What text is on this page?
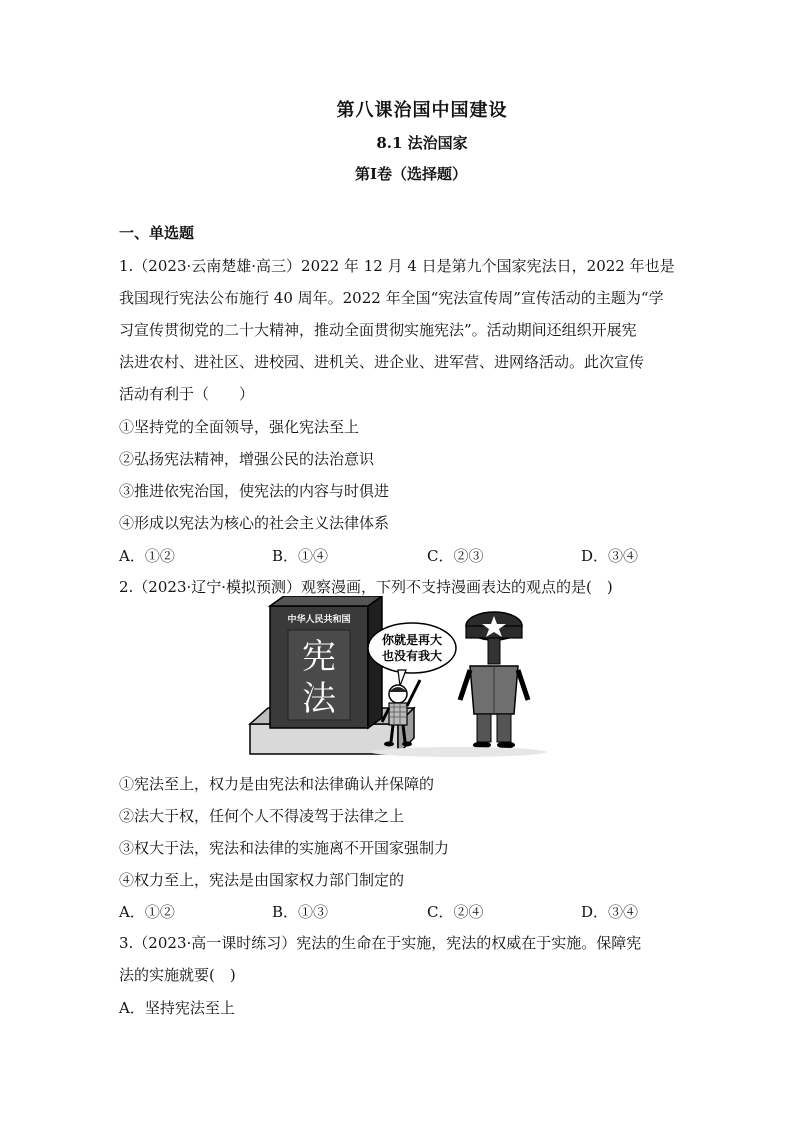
第八课治国中国建设
8.1 法治国家
第Ⅰ卷（选择题）
一、单选题
1.（2023·云南楚雄·高三）2022 年 12 月 4 日是第九个国家宪法日，2022 年也是
我国现行宪法公布施行 40 周年。2022 年全国“宪法宣传周”宣传活动的主题为“学
习宣传贯彻党的二十大精神，推动全面贯彻实施宪法”。活动期间还组织开展宪
法进农村、进社区、进校园、进机关、进企业、进军营、进网络活动。此次宣传
活动有利于（　　）
①坚持党的全面领导，强化宪法至上
②弘扬宪法精神，增强公民的法治意识
③推进依宪治国，使宪法的内容与时俱进
④形成以宪法为核心的社会主义法律体系
A．①②	B．①④	C．②③	D．③④
2.（2023·辽宁·模拟预测）观察漫画，下列不支持漫画表达的观点的是(　)
中华人民共和国
宪
法
你就是再大
也没有我大
①宪法至上，权力是由宪法和法律确认并保障的
②法大于权，任何个人不得凌驾于法律之上
③权大于法，宪法和法律的实施离不开国家强制力
④权力至上，宪法是由国家权力部门制定的
A．①②	B．①③	C．②④	D．③④
3.（2023·高一课时练习）宪法的生命在于实施，宪法的权威在于实施。保障宪
法的实施就要(　)
A．坚持宪法至上
